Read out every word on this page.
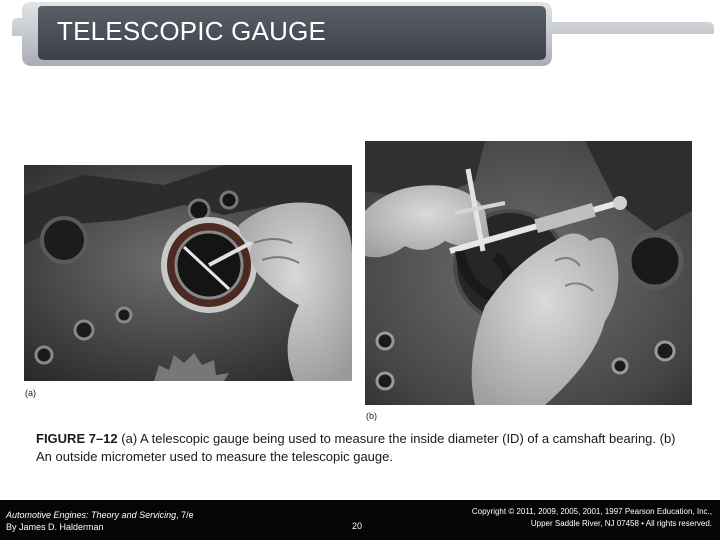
TELESCOPIC GAUGE
(a)
(b)
FIGURE 7–12 (a) A telescopic gauge being used to measure the inside diameter (ID) of a camshaft bearing. (b) An outside micrometer used to measure the telescopic gauge.
Automotive Engines: Theory and Servicing, 7/e
By James D. Halderman	20
Copyright © 2011, 2009, 2005, 2001, 1997 Pearson Education, Inc.,
Upper Saddle River, NJ 07458 • All rights reserved.
